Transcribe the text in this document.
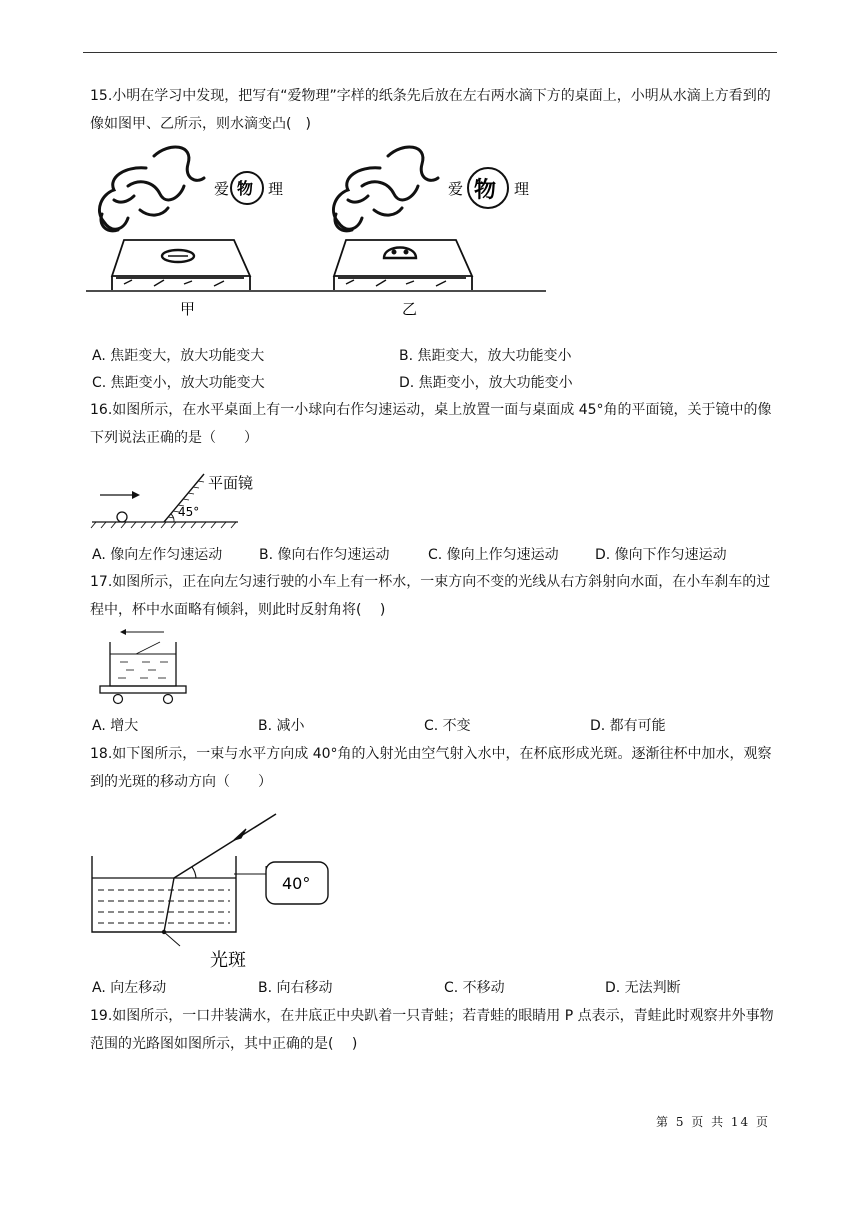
15.小明在学习中发现，把写有“爱物理”字样的纸条先后放在左右两水滴下方的桌面上，小明从水滴上方看到的像如图甲、乙所示，则水滴变凸(　)
爱 物 理
甲
爱 物 理
乙
A. 焦距变大，放大功能变大	B. 焦距变大，放大功能变小
C. 焦距变小，放大功能变大	D. 焦距变小，放大功能变小
16.如图所示，在水平桌面上有一小球向右作匀速运动，桌上放置一面与桌面成 45°角的平面镜，关于镜中的像下列说法正确的是（　　）
45°
平面镜
A. 像向左作匀速运动	B. 像向右作匀速运动	C. 像向上作匀速运动	D. 像向下作匀速运动
17.如图所示，正在向左匀速行驶的小车上有一杯水，一束方向不变的光线从右方斜射向水面，在小车刹车的过程中，杯中水面略有倾斜，则此时反射角将(　 )
A. 增大	B. 减小	C. 不变	D. 都有可能
18.如下图所示，一束与水平方向成 40°角的入射光由空气射入水中，在杯底形成光斑。逐渐往杯中加水，观察到的光斑的移动方向（　　）
40°
光斑
A. 向左移动	B. 向右移动	C. 不移动	D. 无法判断
19.如图所示，一口井装满水，在井底正中央趴着一只青蛙；若青蛙的眼睛用 P 点表示，青蛙此时观察井外事物范围的光路图如图所示，其中正确的是(　 )
第 5 页 共 14 页
